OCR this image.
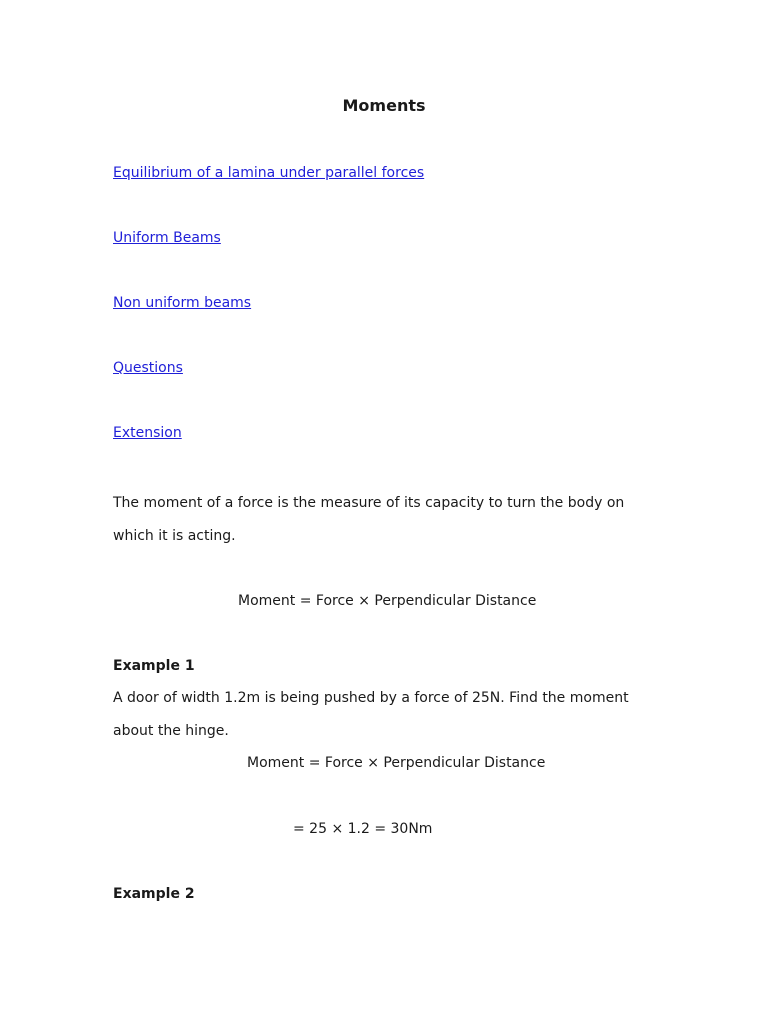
Moments
Equilibrium of a lamina under parallel forces
Uniform Beams
Non uniform beams
Questions
Extension
The moment of a force is the measure of its capacity to turn the body on
which it is acting.
Moment = Force × Perpendicular Distance
Example 1
A door of width 1.2m is being pushed by a force of 25N. Find the moment
about the hinge.
Moment = Force × Perpendicular Distance
= 25 × 1.2 = 30Nm
Example 2
